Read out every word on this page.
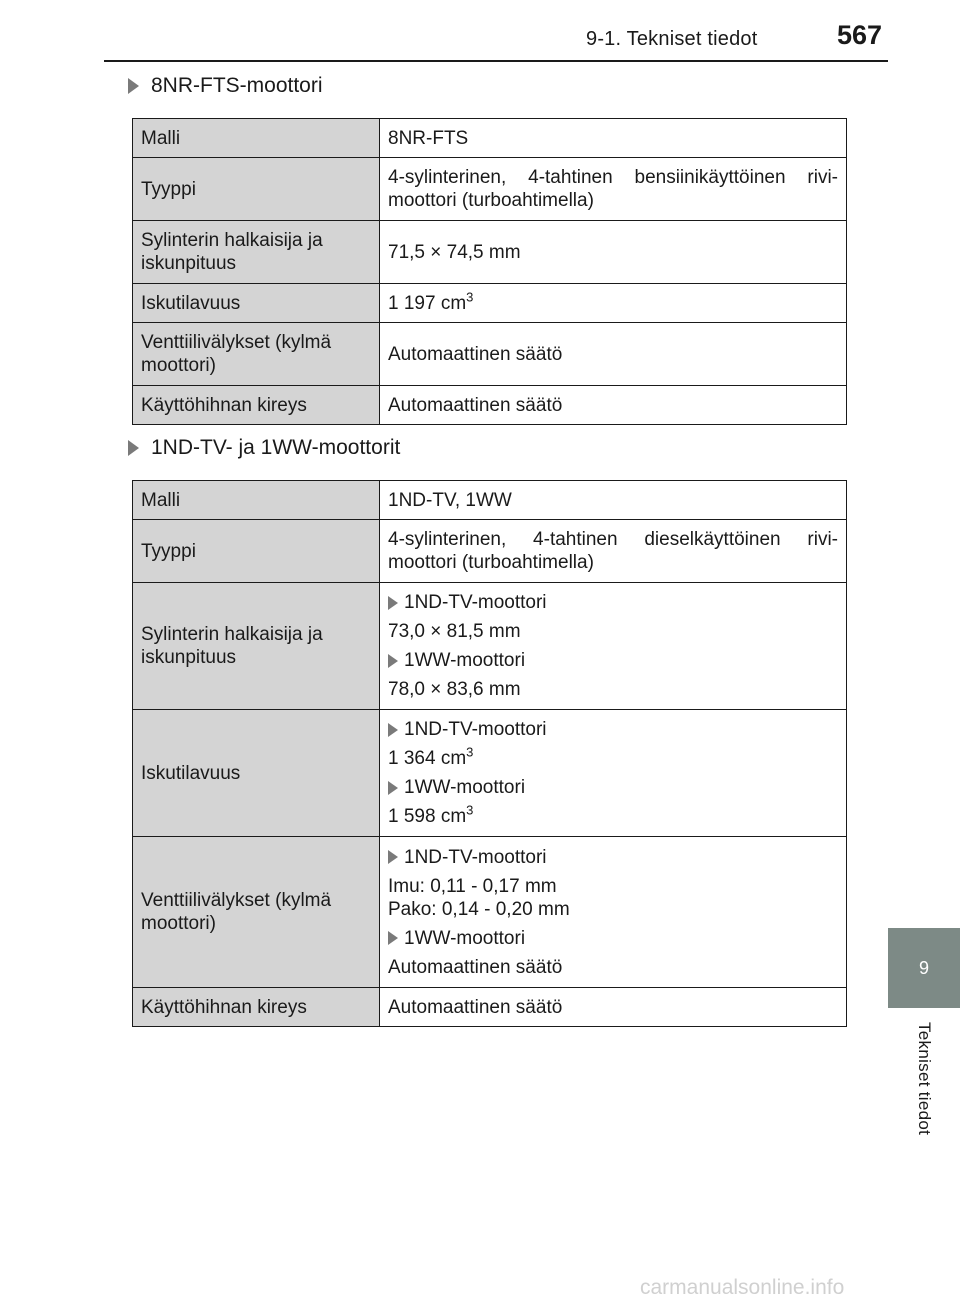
9-1. Tekniset tiedot	567
8NR-FTS-moottori
Malli	8NR-FTS
Tyyppi	4-sylinterinen, 4-tahtinen bensiinikäyttöinen rivi-moottori (turboahtimella)
Sylinterin halkaisija ja iskunpituus	71,5 × 74,5 mm
Iskutilavuus	1 197 $cm^3$
Venttiilivälykset (kylmä moottori)	Automaattinen säätö
Käyttöhihnan kireys	Automaattinen säätö
1ND-TV- ja 1WW-moottorit
Malli	1ND-TV, 1WW
Tyyppi	4-sylinterinen, 4-tahtinen dieselkäyttöinen rivi-moottori (turboahtimella)
Sylinterin halkaisija ja iskunpituus	1ND-TV-moottori
73,0 × 81,5 mm
1WW-moottori
78,0 × 83,6 mm

Iskutilavuus	1ND-TV-moottori
1 364 $cm^3$
1WW-moottori
1 598 $cm^3$

Venttiilivälykset (kylmä moottori)	1ND-TV-moottori
Imu: 0,11 - 0,17 mm
Pako: 0,14 - 0,20 mm
1WW-moottori
Automaattinen säätö

Käyttöhihnan kireys	Automaattinen säätö
9
Tekniset tiedot
carmanualsonline.info
